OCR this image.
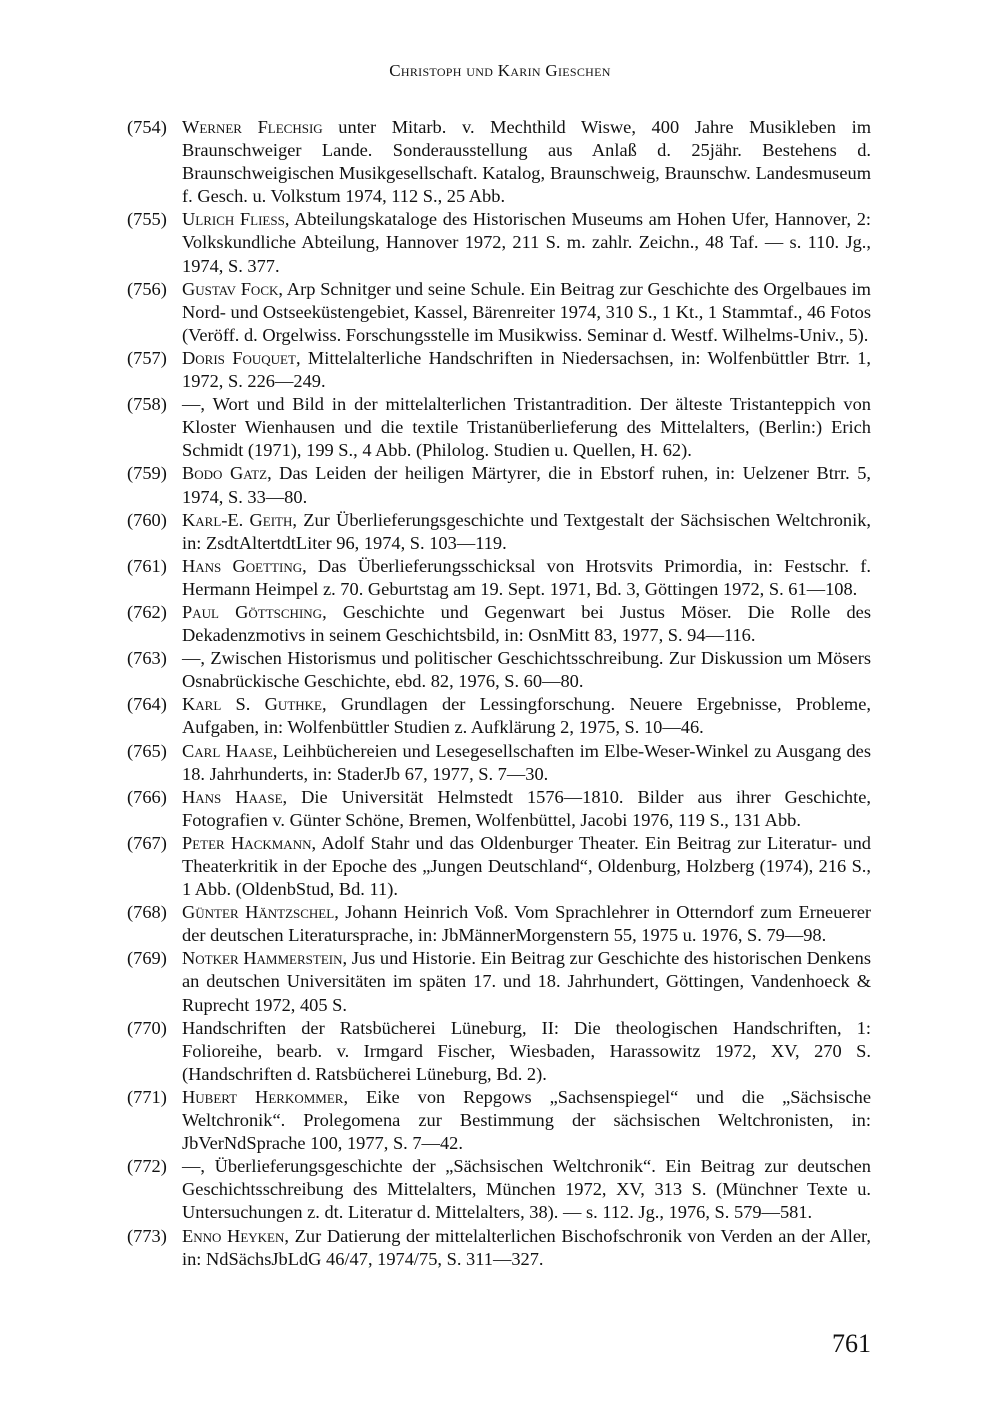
Christoph und Karin Gieschen
(754) Werner Flechsig unter Mitarb. v. Mechthild Wiswe, 400 Jahre Musikleben im Braunschweiger Lande. Sonderausstellung aus Anlaß d. 25jähr. Bestehens d. Braunschweigischen Musikgesellschaft. Katalog, Braunschweig, Braunschw. Landesmuseum f. Gesch. u. Volkstum 1974, 112 S., 25 Abb.
(755) Ulrich Fliess, Abteilungskataloge des Historischen Museums am Hohen Ufer, Hannover, 2: Volkskundliche Abteilung, Hannover 1972, 211 S. m. zahlr. Zeichn., 48 Taf. — s. 110. Jg., 1974, S. 377.
(756) Gustav Fock, Arp Schnitger und seine Schule. Ein Beitrag zur Geschichte des Orgelbaues im Nord- und Ostseeküstengebiet, Kassel, Bärenreiter 1974, 310 S., 1 Kt., 1 Stammtaf., 46 Fotos (Veröff. d. Orgelwiss. Forschungsstelle im Musikwiss. Seminar d. Westf. Wilhelms-Univ., 5).
(757) Doris Fouquet, Mittelalterliche Handschriften in Niedersachsen, in: Wolfenbüttler Btrr. 1, 1972, S. 226—249.
(758) —, Wort und Bild in der mittelalterlichen Tristantradition. Der älteste Tristanteppich von Kloster Wienhausen und die textile Tristanüberlieferung des Mittelalters, (Berlin:) Erich Schmidt (1971), 199 S., 4 Abb. (Philolog. Studien u. Quellen, H. 62).
(759) Bodo Gatz, Das Leiden der heiligen Märtyrer, die in Ebstorf ruhen, in: Uelzener Btrr. 5, 1974, S. 33—80.
(760) Karl-E. Geith, Zur Überlieferungsgeschichte und Textgestalt der Sächsischen Weltchronik, in: ZsdtAltertdtLiter 96, 1974, S. 103—119.
(761) Hans Goetting, Das Überlieferungsschicksal von Hrotsvits Primordia, in: Festschr. f. Hermann Heimpel z. 70. Geburtstag am 19. Sept. 1971, Bd. 3, Göttingen 1972, S. 61—108.
(762) Paul Göttsching, Geschichte und Gegenwart bei Justus Möser. Die Rolle des Dekadenzmotivs in seinem Geschichtsbild, in: OsnMitt 83, 1977, S. 94—116.
(763) —, Zwischen Historismus und politischer Geschichtsschreibung. Zur Diskussion um Mösers Osnabrückische Geschichte, ebd. 82, 1976, S. 60—80.
(764) Karl S. Guthke, Grundlagen der Lessingforschung. Neuere Ergebnisse, Probleme, Aufgaben, in: Wolfenbüttler Studien z. Aufklärung 2, 1975, S. 10—46.
(765) Carl Haase, Leihbüchereien und Lesegesellschaften im Elbe-Weser-Winkel zu Ausgang des 18. Jahrhunderts, in: StaderJb 67, 1977, S. 7—30.
(766) Hans Haase, Die Universität Helmstedt 1576—1810. Bilder aus ihrer Geschichte, Fotografien v. Günter Schöne, Bremen, Wolfenbüttel, Jacobi 1976, 119 S., 131 Abb.
(767) Peter Hackmann, Adolf Stahr und das Oldenburger Theater. Ein Beitrag zur Literatur- und Theaterkritik in der Epoche des „Jungen Deutschland“, Oldenburg, Holzberg (1974), 216 S., 1 Abb. (OldenbStud, Bd. 11).
(768) Günter Häntzschel, Johann Heinrich Voß. Vom Sprachlehrer in Otterndorf zum Erneuerer der deutschen Literatursprache, in: JbMännerMorgenstern 55, 1975 u. 1976, S. 79—98.
(769) Notker Hammerstein, Jus und Historie. Ein Beitrag zur Geschichte des historischen Denkens an deutschen Universitäten im späten 17. und 18. Jahrhundert, Göttingen, Vandenhoeck & Ruprecht 1972, 405 S.
(770) Handschriften der Ratsbücherei Lüneburg, II: Die theologischen Handschriften, 1: Folioreihe, bearb. v. Irmgard Fischer, Wiesbaden, Harassowitz 1972, XV, 270 S. (Handschriften d. Ratsbücherei Lüneburg, Bd. 2).
(771) Hubert Herkommer, Eike von Repgows „Sachsenspiegel“ und die „Sächsische Weltchronik“. Prolegomena zur Bestimmung der sächsischen Weltchronisten, in: JbVerNdSprache 100, 1977, S. 7—42.
(772) —, Überlieferungsgeschichte der „Sächsischen Weltchronik“. Ein Beitrag zur deutschen Geschichtsschreibung des Mittelalters, München 1972, XV, 313 S. (Münchner Texte u. Untersuchungen z. dt. Literatur d. Mittelalters, 38). — s. 112. Jg., 1976, S. 579—581.
(773) Enno Heyken, Zur Datierung der mittelalterlichen Bischofschronik von Verden an der Aller, in: NdSächsJbLdG 46/47, 1974/75, S. 311—327.
761
